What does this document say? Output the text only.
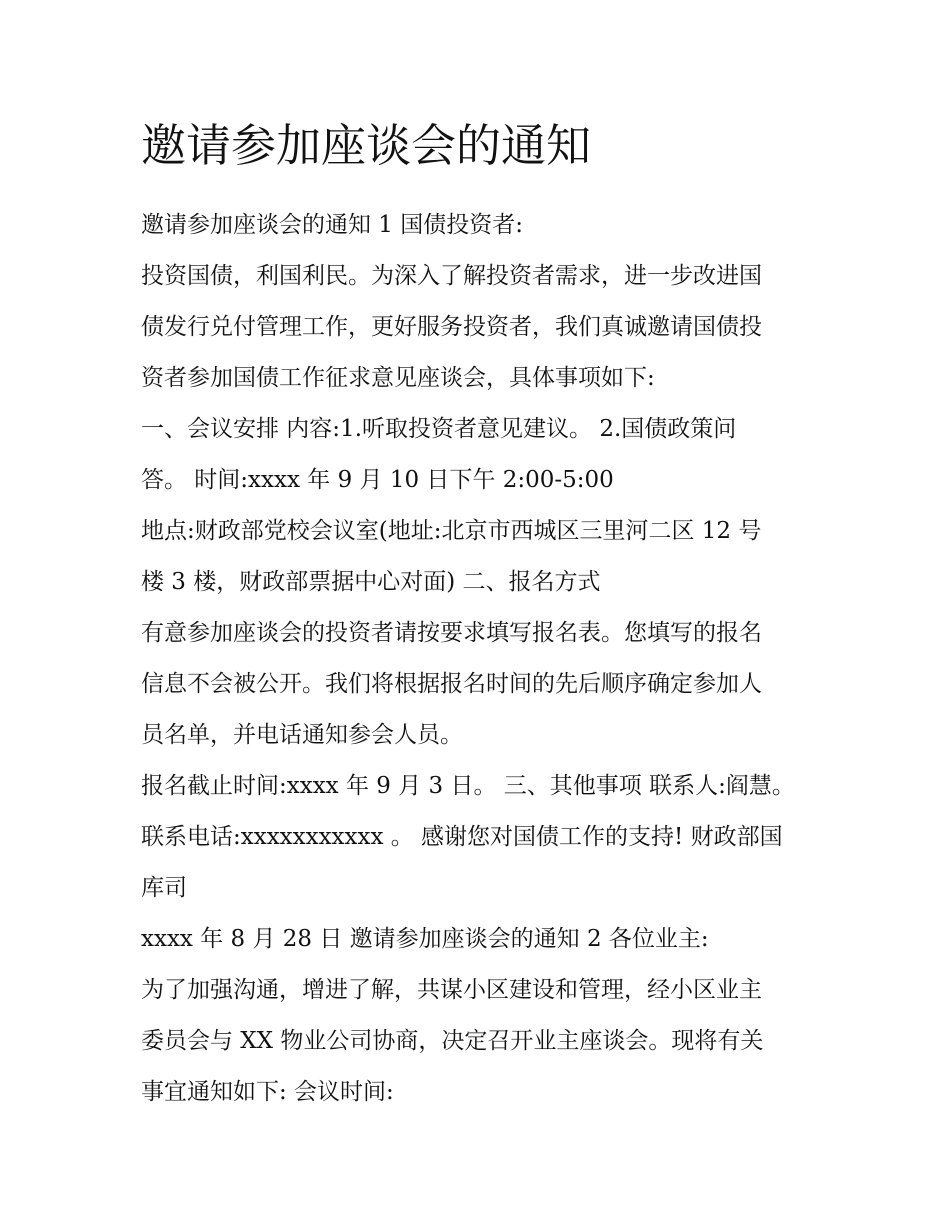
邀请参加座谈会的通知

邀请参加座谈会的通知 1 国债投资者:

投资国债，利国利民。为深入了解投资者需求，进一步改进国

债发行兑付管理工作，更好服务投资者，我们真诚邀请国债投

资者参加国债工作征求意见座谈会，具体事项如下:

一、会议安排 内容:1.听取投资者意见建议。 2.国债政策问

答。 时间:xxxx 年 9 月 10 日下午 2:00-5:00

地点:财政部党校会议室(地址:北京市西城区三里河二区 12 号

楼 3 楼，财政部票据中心对面) 二、报名方式

有意参加座谈会的投资者请按要求填写报名表。您填写的报名

信息不会被公开。我们将根据报名时间的先后顺序确定参加人

员名单，并电话通知参会人员。

报名截止时间:xxxx 年 9 月 3 日。 三、其他事项 联系人:阎慧。

联系电话:xxxxxxxxxxx 。 感谢您对国债工作的支持! 财政部国

库司

xxxx 年 8 月 28 日 邀请参加座谈会的通知 2 各位业主:

为了加强沟通，增进了解，共谋小区建设和管理，经小区业主

委员会与 XX 物业公司协商，决定召开业主座谈会。现将有关

事宜通知如下: 会议时间:
